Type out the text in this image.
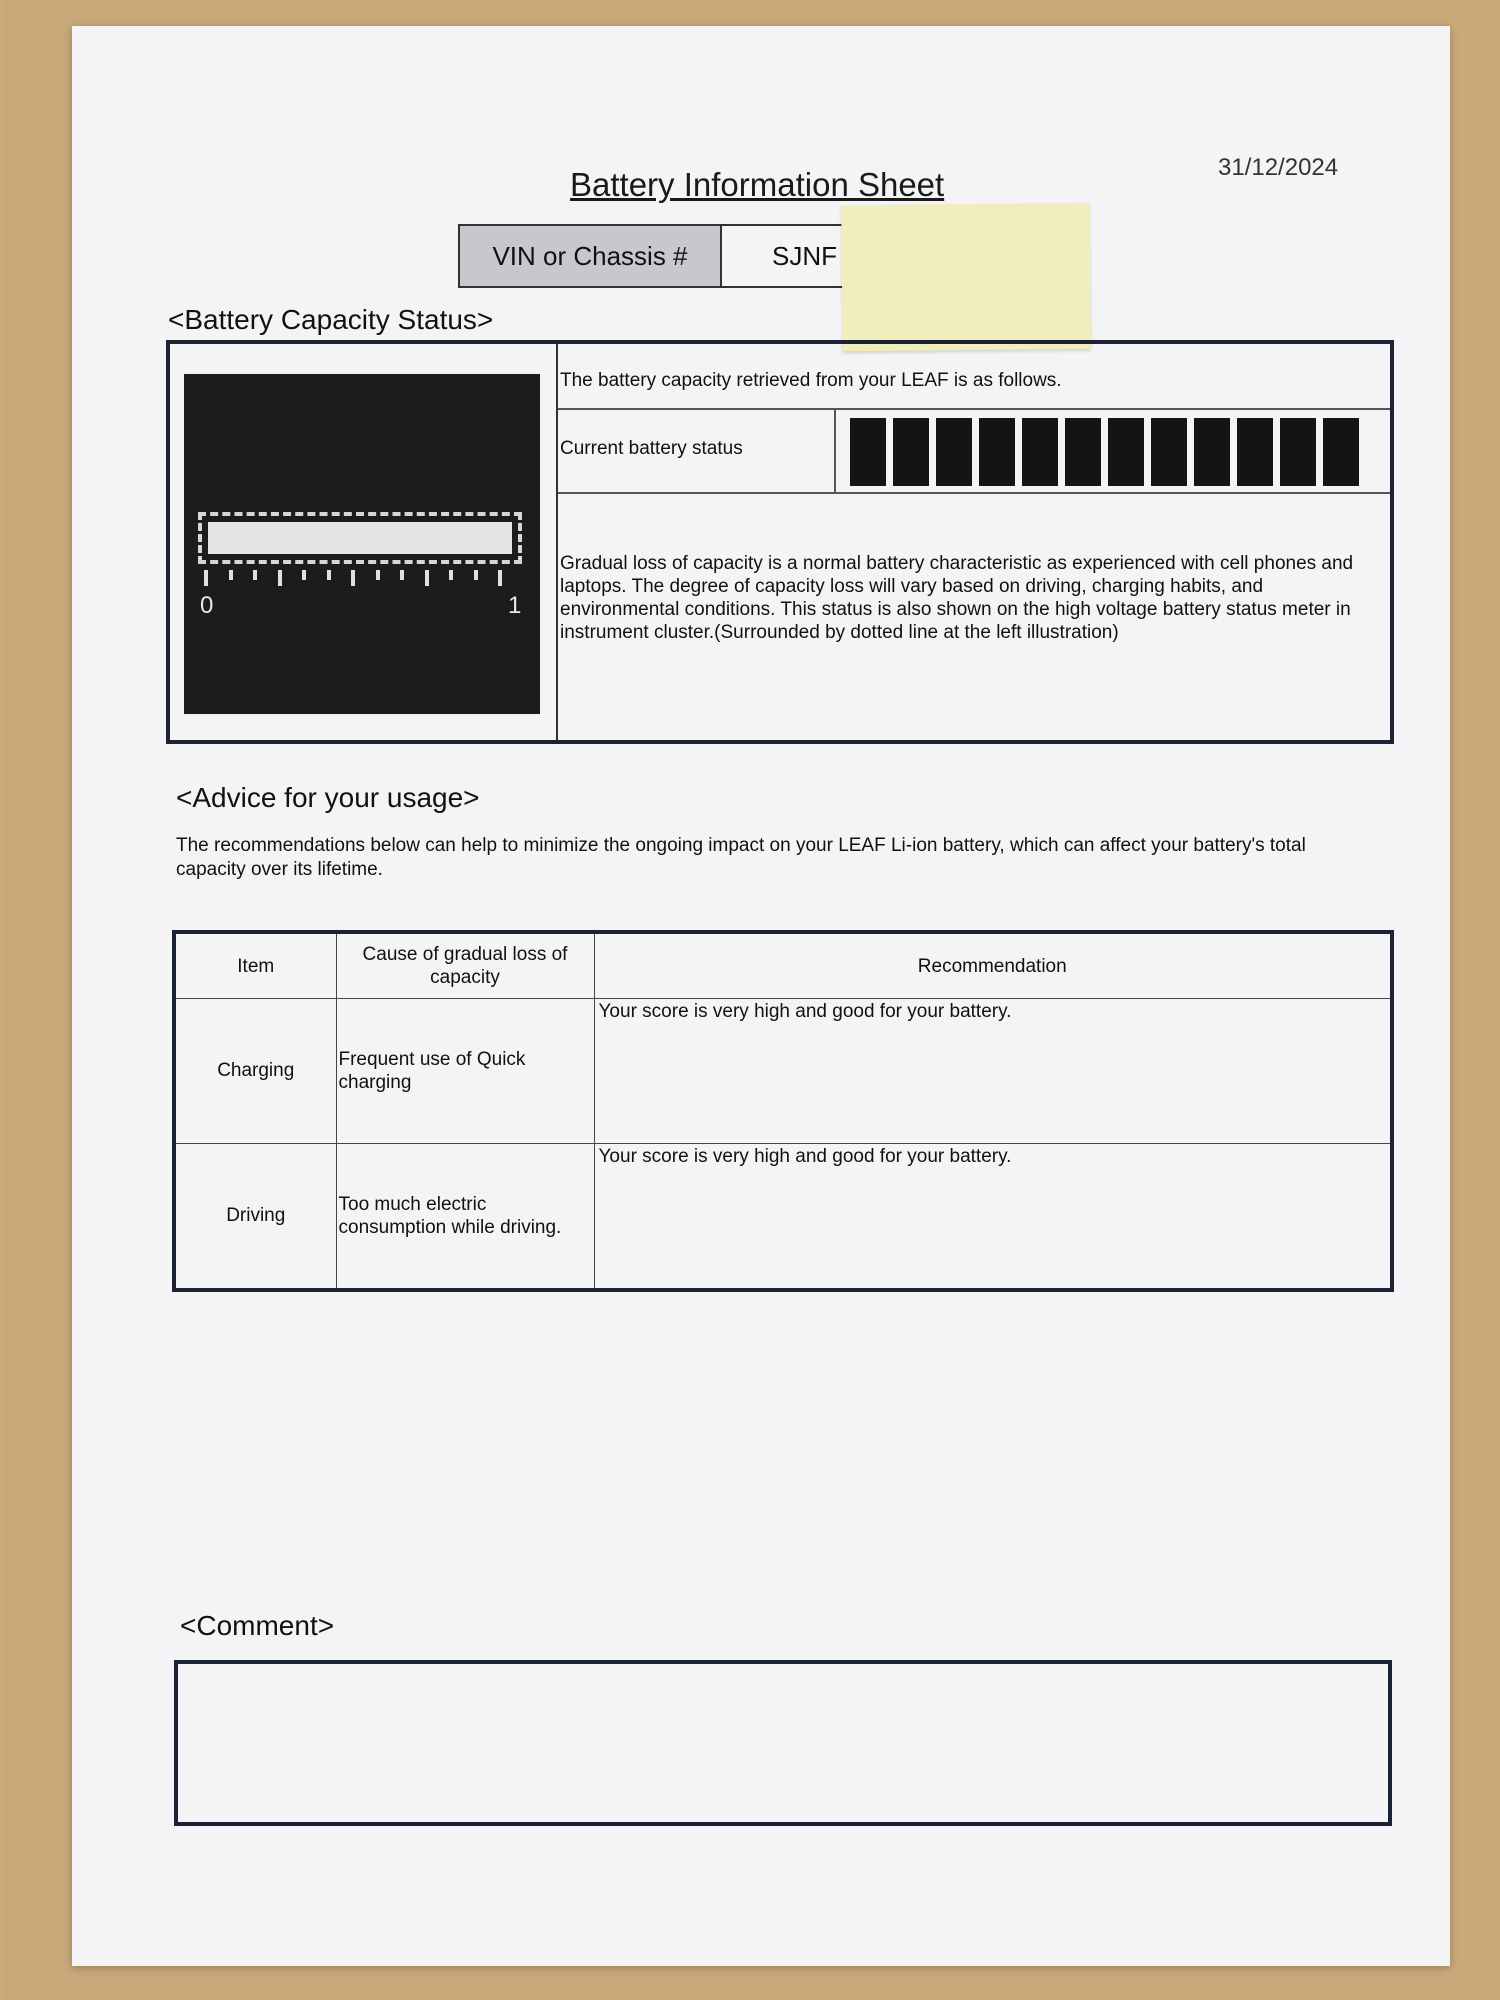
31/12/2024
Battery Information Sheet
VIN or Chassis #	SJNF
<Battery Capacity Status>
0	1
The battery capacity retrieved from your LEAF is as follows.
Current battery status
Gradual loss of capacity is a normal battery characteristic as experienced with cell phones and laptops. The degree of capacity loss will vary based on driving, charging habits, and environmental conditions. This status is also shown on the high voltage battery status meter in instrument cluster.(Surrounded by dotted line at the left illustration)
<Advice for your usage>
The recommendations below can help to minimize the ongoing impact on your LEAF Li-ion battery, which can affect your battery's total capacity over its lifetime.
Item	Cause of gradual loss of capacity	Recommendation
Charging	Frequent use of Quick charging	Your score is very high and good for your battery.
Driving	Too much electric consumption while driving.	Your score is very high and good for your battery.
<Comment>
